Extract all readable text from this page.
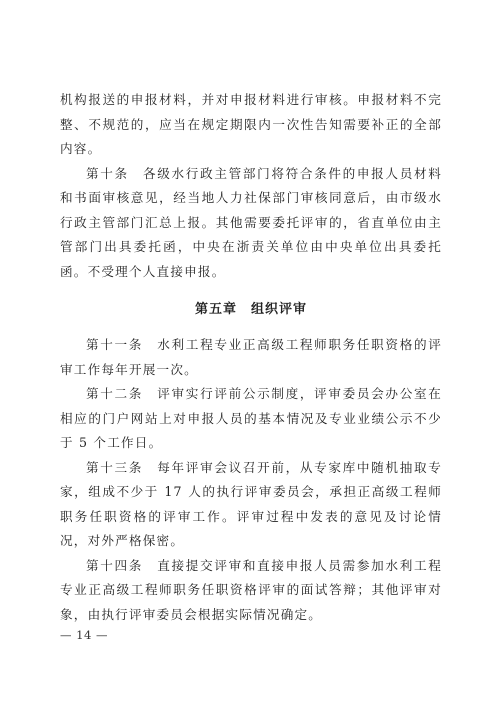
机构报送的申报材料，并对申报材料进行审核。申报材料不完整、不规范的，应当在规定期限内一次性告知需要补正的全部内容。

第十条　各级水行政主管部门将符合条件的申报人员材料和书面审核意见，经当地人力社保部门审核同意后，由市级水行政主管部门汇总上报。其他需要委托评审的，省直单位由主管部门出具委托函，中央在浙责关单位由中央单位出具委托函。不受理个人直接申报。

第五章　组织评审

第十一条　水利工程专业正高级工程师职务任职资格的评审工作每年开展一次。

第十二条　评审实行评前公示制度，评审委员会办公室在相应的门户网站上对申报人员的基本情况及专业业绩公示不少于 5 个工作日。

第十三条　每年评审会议召开前，从专家库中随机抽取专家，组成不少于 17 人的执行评审委员会，承担正高级工程师职务任职资格的评审工作。评审过程中发表的意见及讨论情况，对外严格保密。

第十四条　直接提交评审和直接申报人员需参加水利工程专业正高级工程师职务任职资格评审的面试答辩；其他评审对象，由执行评审委员会根据实际情况确定。

— 14 —
